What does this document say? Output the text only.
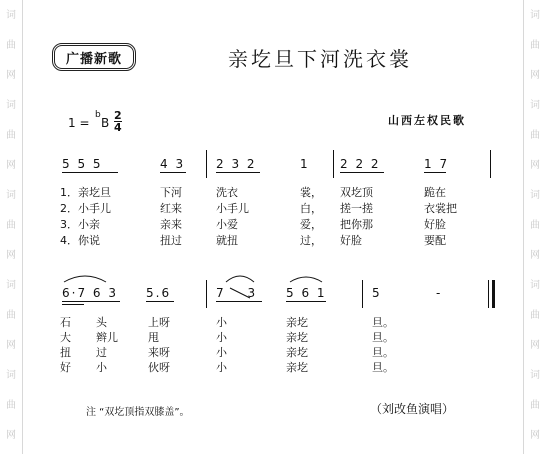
词
曲
网
词
曲
网
词
曲
网
词
曲
网
词
曲
网
词
曲
网
词
曲
网
词
曲
网
词
曲
网
词
曲
网
广播新歌	亲圪旦下河洗衣裳
1 =
b
B $\frac{2}{4}$	山西左权民歌
5 5 5	4 3	2 3 2	1	2 2 2	1 7
1．亲圪旦	下河	洗衣	裳， 双圪顶	跪在
2．小手儿	红来	小手儿	白， 搓一搓	衣裳把
3．小亲	亲来	小爱	爱， 把你那	好脸
4．你说	扭过	就扭	过， 好脸	要配
6·7 6 3 5.6	7 3 5 6 1	5	-
石 头	上呀	小	亲圪	旦。
大 辫儿	甩	小	亲圪	旦。
扭 过	来呀	小	亲圪	旦。
好 小	伙呀	小	亲圪	旦。
注 “双圪顶指双膝盖”。	（刘改鱼演唱）
